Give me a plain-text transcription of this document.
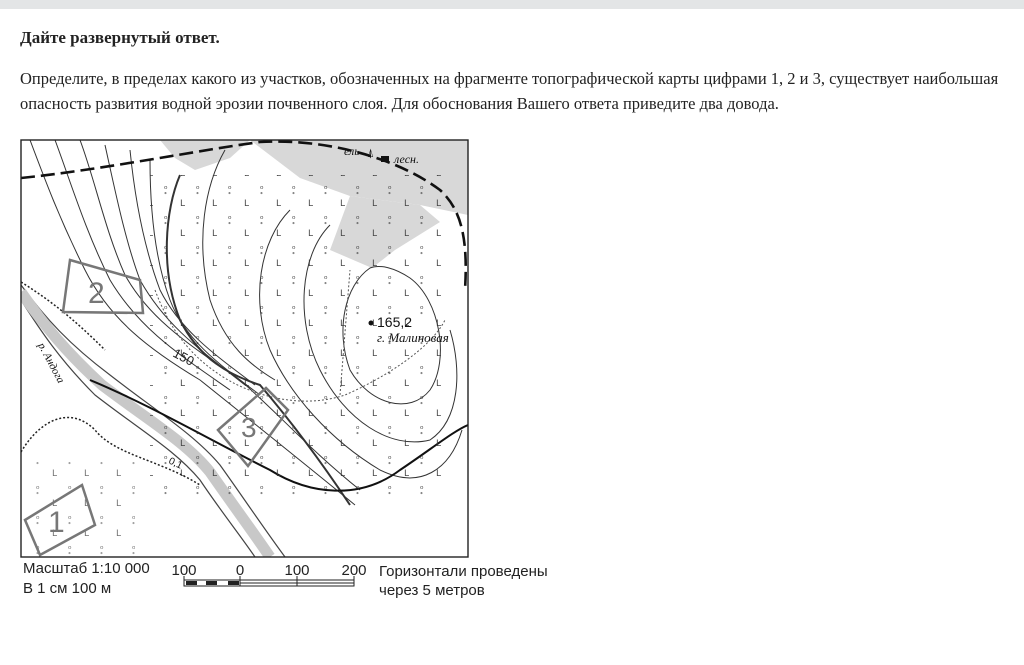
Дайте развернутый ответ.
Определите, в пределах какого из участков, обозначенных на фрагменте топографической карты цифрами 1, 2 и 3, существует наибольшая опасность развития водной эрозии почвенного слоя. Для обоснования Вашего ответа приведите два довода.
2
3
1
150
165,2
г. Малиновая
р. Андога
0,1
ель ⍋ лесн.
Масштаб 1:10 000
В 1 см 100 м
100	0	100 200 Горизонтали проведены
через 5 метров
